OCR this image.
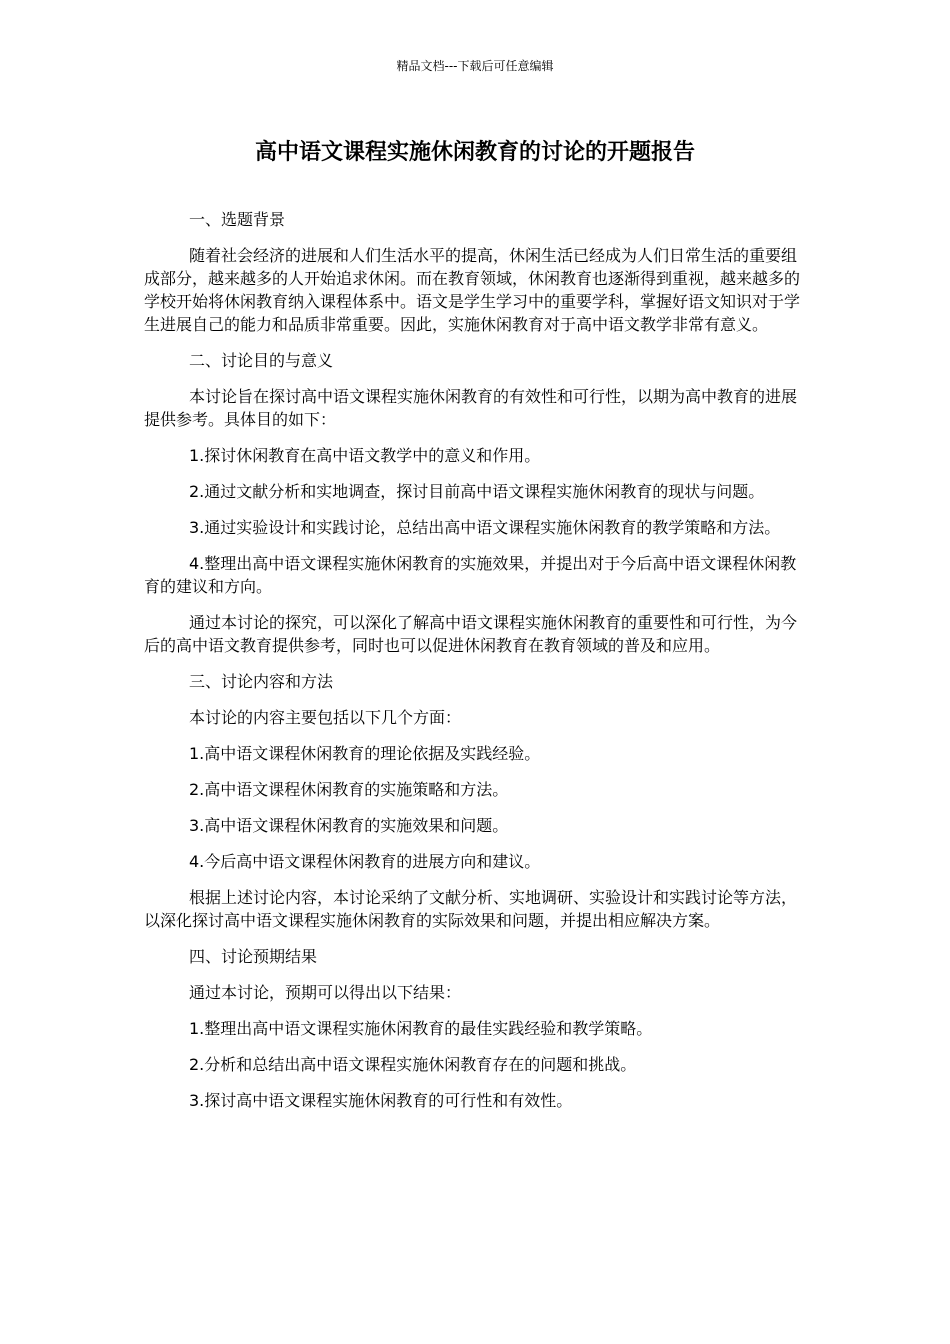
精品文档---下载后可任意编辑
高中语文课程实施休闲教育的讨论的开题报告

一、选题背景

随着社会经济的进展和人们生活水平的提高，休闲生活已经成为人们日常生活的重要组成部分，越来越多的人开始追求休闲。而在教育领域，休闲教育也逐渐得到重视，越来越多的学校开始将休闲教育纳入课程体系中。语文是学生学习中的重要学科，掌握好语文知识对于学生进展自己的能力和品质非常重要。因此，实施休闲教育对于高中语文教学非常有意义。

二、讨论目的与意义

本讨论旨在探讨高中语文课程实施休闲教育的有效性和可行性，以期为高中教育的进展提供参考。具体目的如下：

1.探讨休闲教育在高中语文教学中的意义和作用。

2.通过文献分析和实地调查，探讨目前高中语文课程实施休闲教育的现状与问题。

3.通过实验设计和实践讨论，总结出高中语文课程实施休闲教育的教学策略和方法。

4.整理出高中语文课程实施休闲教育的实施效果，并提出对于今后高中语文课程休闲教育的建议和方向。

通过本讨论的探究，可以深化了解高中语文课程实施休闲教育的重要性和可行性，为今后的高中语文教育提供参考，同时也可以促进休闲教育在教育领域的普及和应用。

三、讨论内容和方法

本讨论的内容主要包括以下几个方面：

1.高中语文课程休闲教育的理论依据及实践经验。

2.高中语文课程休闲教育的实施策略和方法。

3.高中语文课程休闲教育的实施效果和问题。

4.今后高中语文课程休闲教育的进展方向和建议。

根据上述讨论内容，本讨论采纳了文献分析、实地调研、实验设计和实践讨论等方法，以深化探讨高中语文课程实施休闲教育的实际效果和问题，并提出相应解决方案。

四、讨论预期结果

通过本讨论，预期可以得出以下结果：

1.整理出高中语文课程实施休闲教育的最佳实践经验和教学策略。

2.分析和总结出高中语文课程实施休闲教育存在的问题和挑战。

3.探讨高中语文课程实施休闲教育的可行性和有效性。
